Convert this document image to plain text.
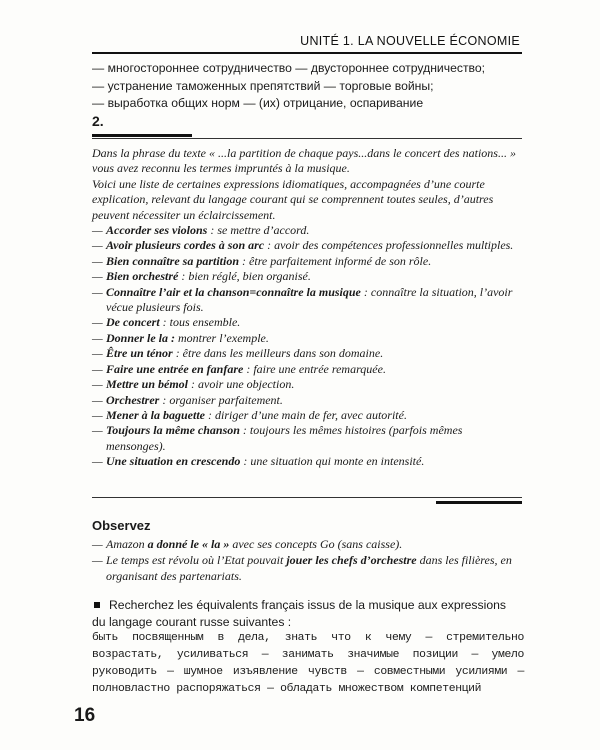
UNITÉ 1. LA NOUVELLE ÉCONOMIE
— многостороннее сотрудничество — двустороннее сотрудничество;
— устранение таможенных препятствий — торговые войны;
— выработка общих норм — (их) отрицание, оспаривание
2.

Dans la phrase du texte « ...la partition de chaque pays...dans le concert des nations... » vous avez reconnu les termes impruntés à la musique.

Voici une liste de certaines expressions idiomatiques, accompagnées d’une courte explication, relevant du langage courant qui se comprennent toutes seules, d’autres peuvent nécessiter un éclaircissement.

— Accorder ses violons : se mettre d’accord.
— Avoir plusieurs cordes à son arc : avoir des compétences professionnelles multiples.
— Bien connaître sa partition : être parfaitement informé de son rôle.
— Bien orchestré : bien réglé, bien organisé.
— Connaître l’air et la chanson=connaître la musique : connaître la situation, l’avoir vécue plusieurs fois.
— De concert : tous ensemble.
— Donner le la : montrer l’exemple.
— Être un ténor : être dans les meilleurs dans son domaine.
— Faire une entrée en fanfare : faire une entrée remarquée.
— Mettre un bémol : avoir une objection.
— Orchestrer : organiser parfaitement.
— Mener à la baguette : diriger d’une main de fer, avec autorité.
— Toujours la même chanson : toujours les mêmes histoires (parfois mêmes mensonges).
— Une situation en crescendo : une situation qui monte en intensité.
Observez
— Amazon a donné le « la » avec ses concepts Go (sans caisse).
— Le temps est révolu où l’Etat pouvait jouer les chefs d’orchestre dans les filières, en organisant des partenariats.
Recherchez les équivalents français issus de la musique aux expressions du langage courant russe suivantes :
быть посвященным в дела, знать что к чему — стремительно возрастать, усиливаться — занимать значимые позиции — умело руководить — шумное изъявление чувств — совместными усилиями — полновластно распоряжаться — обладать множеством компетенций
16
